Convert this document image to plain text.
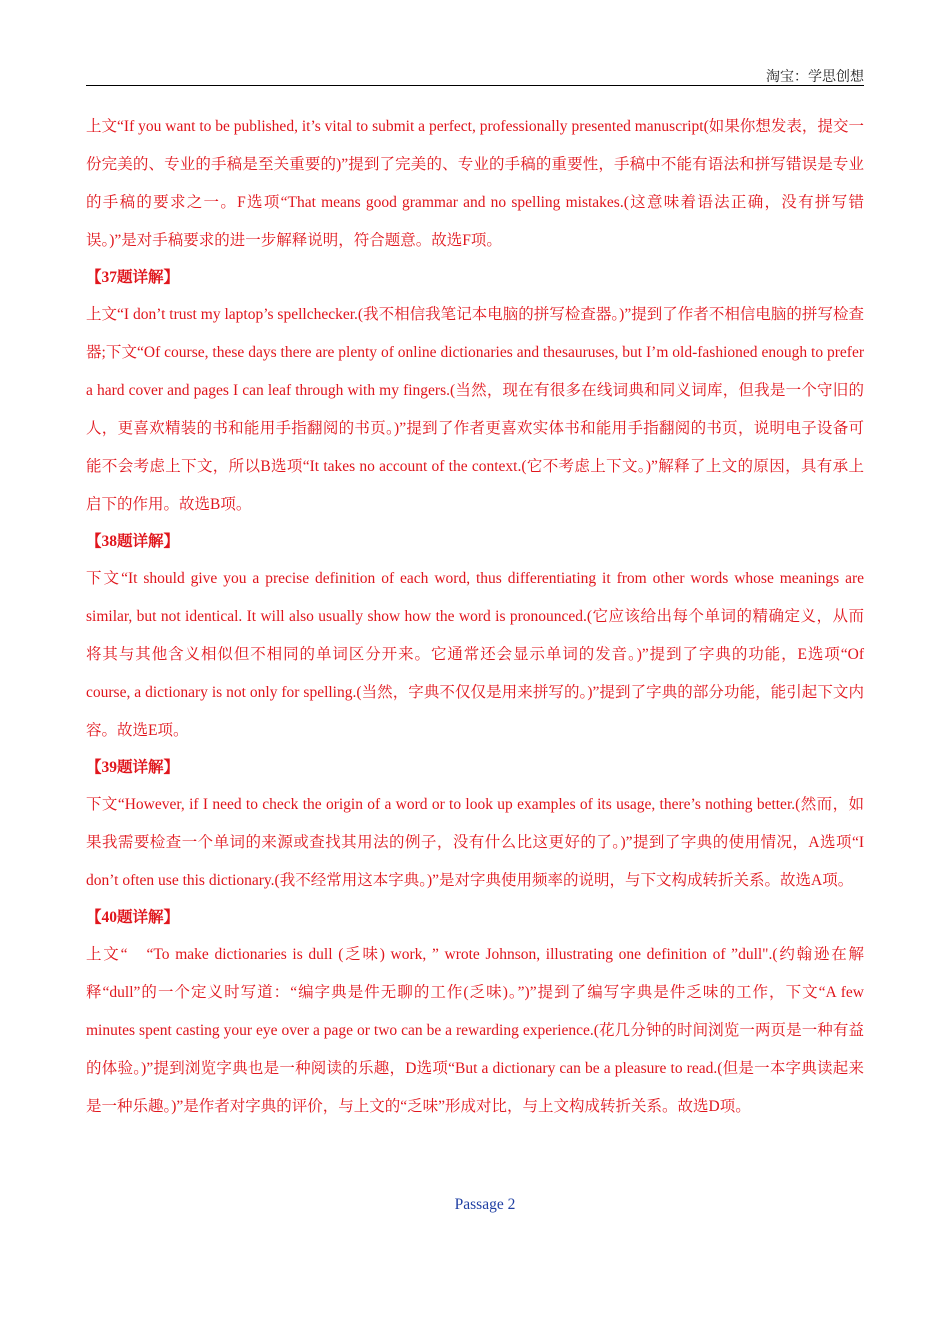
淘宝：学思创想

上文“If you want to be published, it’s vital to submit a perfect, professionally presented manuscript(如果你想发表，提交一份完美的、专业的手稿是至关重要的)”提到了完美的、专业的手稿的重要性，手稿中不能有语法和拼写错误是专业的手稿的要求之一。F选项“That means good grammar and no spelling mistakes.(这意味着语法正确，没有拼写错误。)”是对手稿要求的进一步解释说明，符合题意。故选F项。

【37题详解】

上文“I don’t trust my laptop’s spellchecker.(我不相信我笔记本电脑的拼写检查器。)”提到了作者不相信电脑的拼写检查器;下文“Of course, these days there are plenty of online dictionaries and thesauruses, but I’m old-fashioned enough to prefer a hard cover and pages I can leaf through with my fingers.(当然，现在有很多在线词典和同义词库，但我是一个守旧的人，更喜欢精装的书和能用手指翻阅的书页。)”提到了作者更喜欢实体书和能用手指翻阅的书页，说明电子设备可能不会考虑上下文，所以B选项“It takes no account of the context.(它不考虑上下文。)”解释了上文的原因，具有承上启下的作用。故选B项。

【38题详解】

下文“It should give you a precise definition of each word, thus differentiating it from other words whose meanings are similar, but not identical. It will also usually show how the word is pronounced.(它应该给出每个单词的精确定义，从而将其与其他含义相似但不相同的单词区分开来。它通常还会显示单词的发音。)”提到了字典的功能，E选项“Of course, a dictionary is not only for spelling.(当然，字典不仅仅是用来拼写的。)”提到了字典的部分功能，能引起下文内容。故选E项。

【39题详解】

下文“However, if I need to check the origin of a word or to look up examples of its usage, there’s nothing better.(然而，如果我需要检查一个单词的来源或查找其用法的例子，没有什么比这更好的了。)”提到了字典的使用情况，A选项“I don’t often use this dictionary.(我不经常用这本字典。)”是对字典使用频率的说明，与下文构成转折关系。故选A项。

【40题详解】

上文“　“To make dictionaries is dull (乏味) work, ” wrote Johnson, illustrating one definition of ”dull".(约翰逊在解释“dull”的一个定义时写道：“编字典是件无聊的工作(乏味)。”)”提到了编写字典是件乏味的工作，下文“A few minutes spent casting your eye over a page or two can be a rewarding experience.(花几分钟的时间浏览一两页是一种有益的体验。)”提到浏览字典也是一种阅读的乐趣，D选项“But a dictionary can be a pleasure to read.(但是一本字典读起来是一种乐趣。)”是作者对字典的评价，与上文的“乏味”形成对比，与上文构成转折关系。故选D项。

Passage 2
